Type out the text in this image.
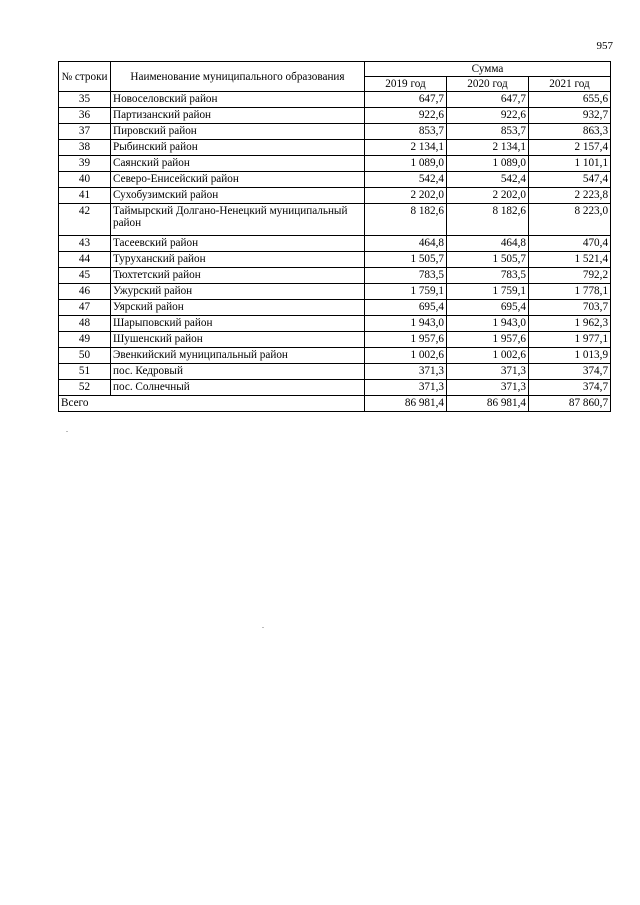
957
№ строки	Наименование муниципального образования	Сумма		
		2019 год	2020 год	2021 год
35	Новоселовский район	647,7	647,7	655,6
36	Партизанский район	922,6	922,6	932,7
37	Пировский район	853,7	853,7	863,3
38	Рыбинский район	2 134,1	2 134,1	2 157,4
39	Саянский район	1 089,0	1 089,0	1 101,1
40	Северо-Енисейский район	542,4	542,4	547,4
41	Сухобузимский район	2 202,0	2 202,0	2 223,8
42	Таймырский Долгано-Ненецкий муниципальный район	8 182,6	8 182,6	8 223,0
43	Тасеевский район	464,8	464,8	470,4
44	Туруханский район	1 505,7	1 505,7	1 521,4
45	Тюхтетский район	783,5	783,5	792,2
46	Ужурский район	1 759,1	1 759,1	1 778,1
47	Уярский район	695,4	695,4	703,7
48	Шарыповский район	1 943,0	1 943,0	1 962,3
49	Шушенский район	1 957,6	1 957,6	1 977,1
50	Эвенкийский муниципальный район	1 002,6	1 002,6	1 013,9
51	пос. Кедровый	371,3	371,3	374,7
52	пос. Солнечный	371,3	371,3	374,7
Всего		86 981,4	86 981,4	87 860,7
